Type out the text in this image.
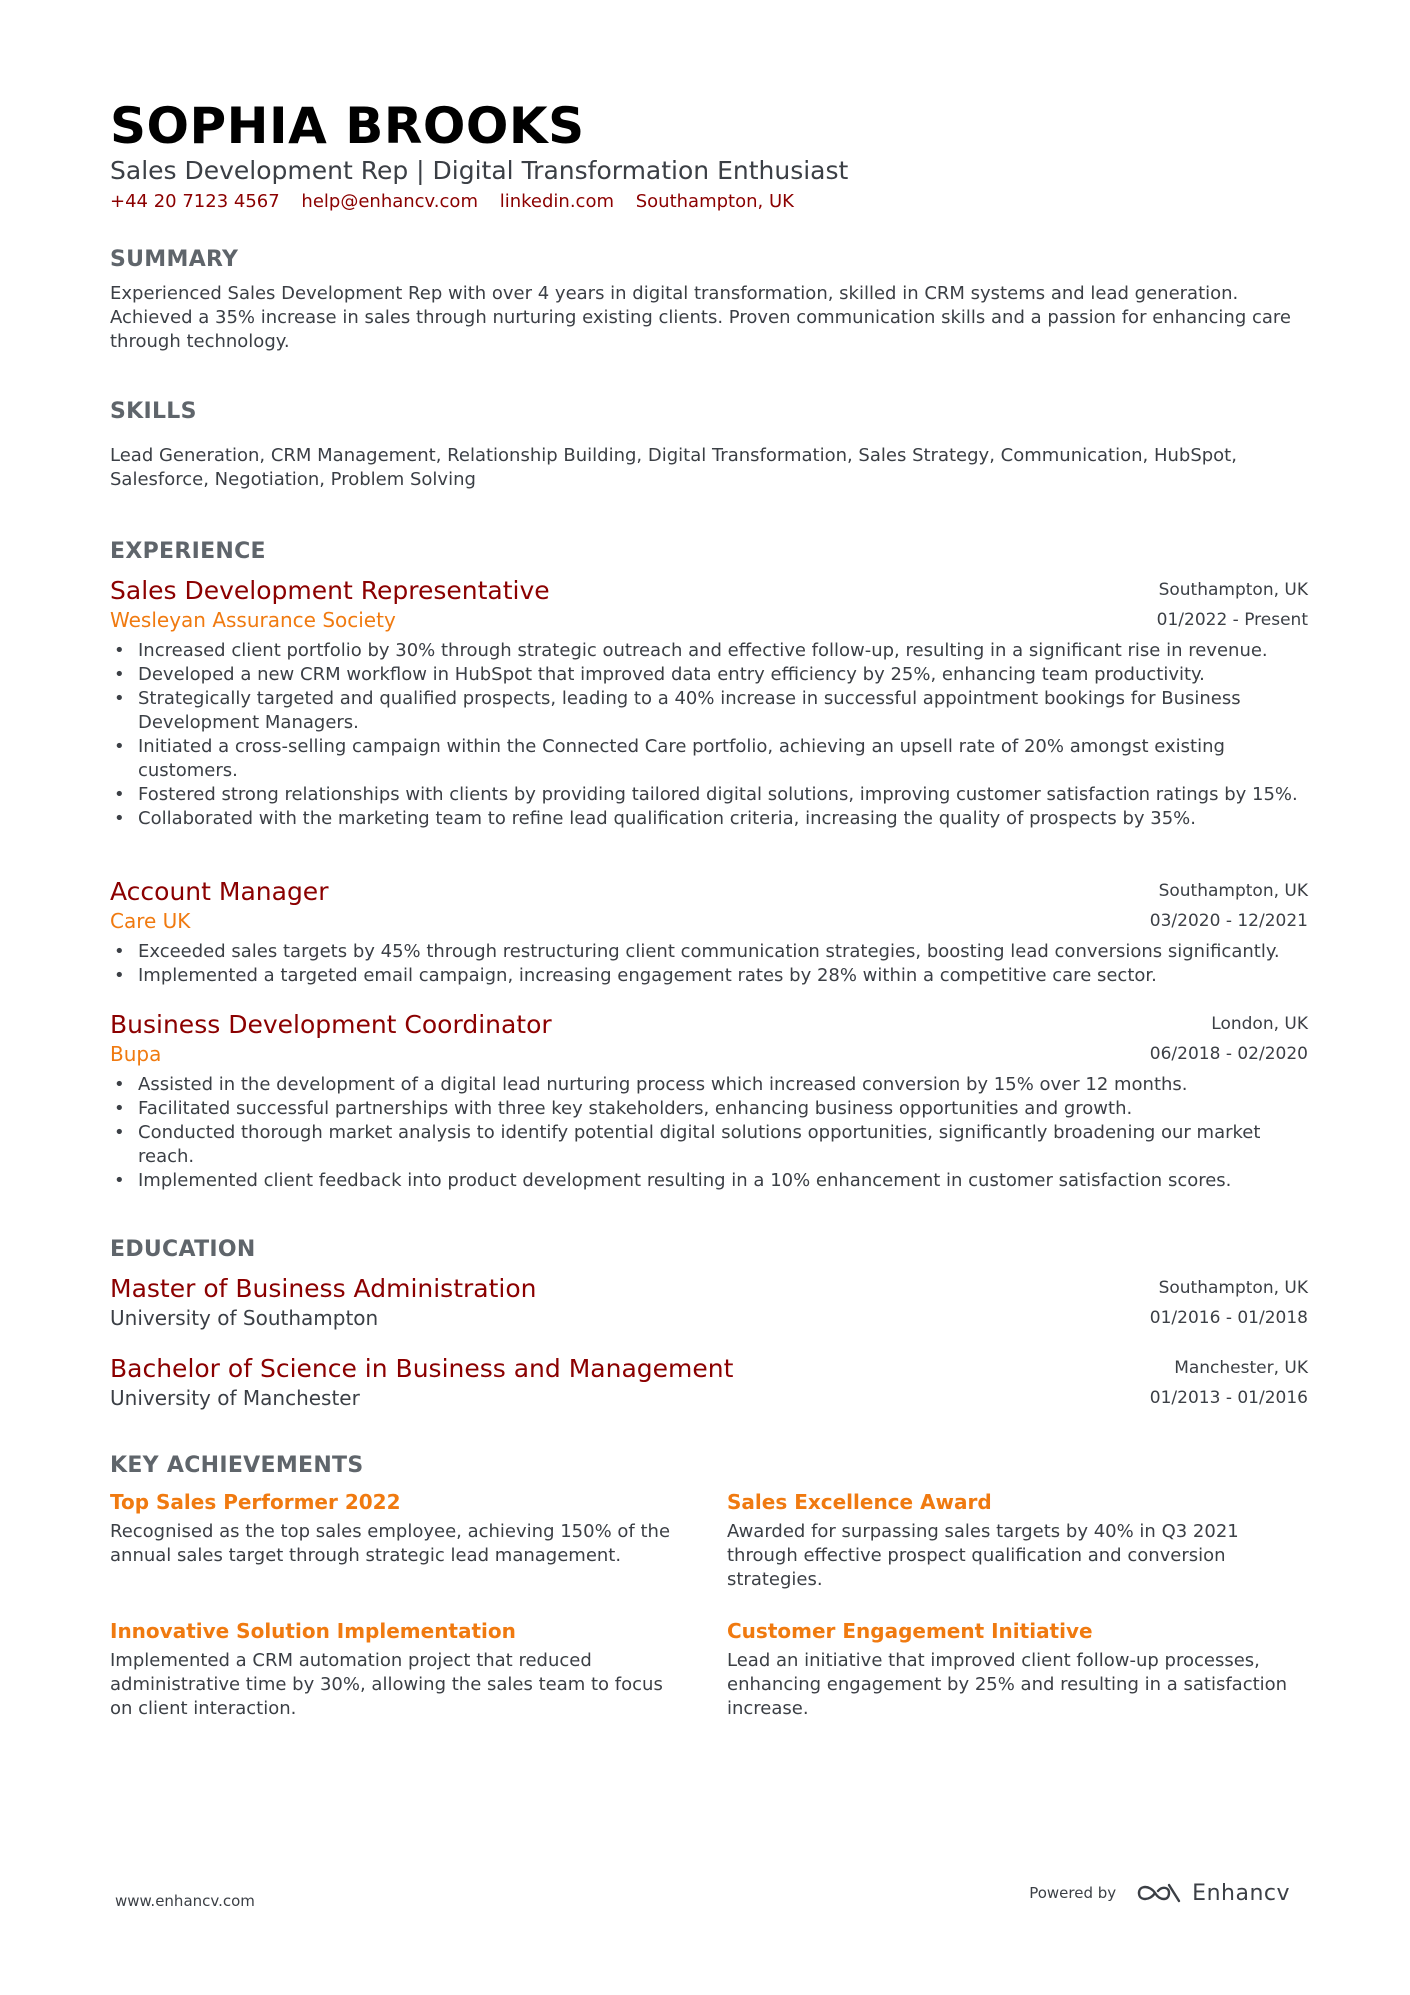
SOPHIA BROOKS
Sales Development Rep | Digital Transformation Enthusiast
+44 20 7123 4567 help@enhancv.com linkedin.com Southampton, UK
SUMMARY
Experienced Sales Development Rep with over 4 years in digital transformation, skilled in CRM systems and lead generation. Achieved a 35% increase in sales through nurturing existing clients. Proven communication skills and a passion for enhancing care through technology.
SKILLS
Lead Generation, CRM Management, Relationship Building, Digital Transformation, Sales Strategy, Communication, HubSpot, Salesforce, Negotiation, Problem Solving
EXPERIENCE
Sales Development Representative
Wesleyan Assurance Society
Southampton, UK
01/2022 - Present
• Increased client portfolio by 30% through strategic outreach and effective follow-up, resulting in a significant rise in revenue.
• Developed a new CRM workflow in HubSpot that improved data entry efficiency by 25%, enhancing team productivity.
• Strategically targeted and qualified prospects, leading to a 40% increase in successful appointment bookings for Business Development Managers.
• Initiated a cross-selling campaign within the Connected Care portfolio, achieving an upsell rate of 20% amongst existing customers.
• Fostered strong relationships with clients by providing tailored digital solutions, improving customer satisfaction ratings by 15%.
• Collaborated with the marketing team to refine lead qualification criteria, increasing the quality of prospects by 35%.
Account Manager
Care UK
Southampton, UK
03/2020 - 12/2021
• Exceeded sales targets by 45% through restructuring client communication strategies, boosting lead conversions significantly.
• Implemented a targeted email campaign, increasing engagement rates by 28% within a competitive care sector.
Business Development Coordinator
Bupa
London, UK
06/2018 - 02/2020
• Assisted in the development of a digital lead nurturing process which increased conversion by 15% over 12 months.
• Facilitated successful partnerships with three key stakeholders, enhancing business opportunities and growth.
• Conducted thorough market analysis to identify potential digital solutions opportunities, significantly broadening our market reach.
• Implemented client feedback into product development resulting in a 10% enhancement in customer satisfaction scores.
EDUCATION
Master of Business Administration
University of Southampton
Southampton, UK
01/2016 - 01/2018
Bachelor of Science in Business and Management
University of Manchester
Manchester, UK
01/2013 - 01/2016
KEY ACHIEVEMENTS
Top Sales Performer 2022
Recognised as the top sales employee, achieving 150% of the annual sales target through strategic lead management.
Sales Excellence Award
Awarded for surpassing sales targets by 40% in Q3 2021 through effective prospect qualification and conversion strategies.
Innovative Solution Implementation
Implemented a CRM automation project that reduced administrative time by 30%, allowing the sales team to focus on client interaction.
Customer Engagement Initiative
Lead an initiative that improved client follow-up processes, enhancing engagement by 25% and resulting in a satisfaction increase.
www.enhancv.com	Powered by	Enhancv
